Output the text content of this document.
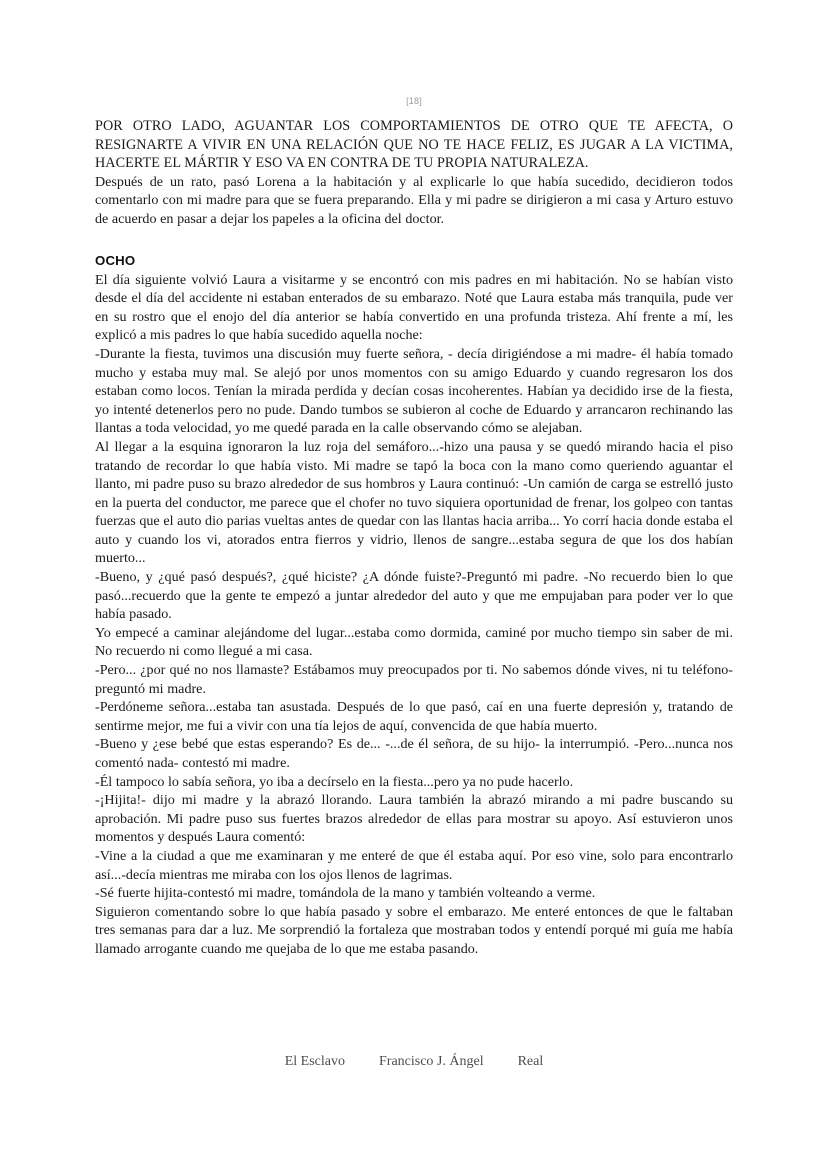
[18]

POR OTRO LADO, AGUANTAR LOS COMPORTAMIENTOS DE OTRO QUE TE AFECTA, O RESIGNARTE A VIVIR EN UNA RELACIÓN QUE NO TE HACE FELIZ, ES JUGAR A LA VICTIMA, HACERTE EL MÁRTIR Y ESO VA EN CONTRA DE TU PROPIA NATURALEZA.

Después de un rato, pasó Lorena a la habitación y al explicarle lo que había sucedido, decidieron todos comentarlo con mi madre para que se fuera preparando. Ella y mi padre se dirigieron a mi casa y Arturo estuvo de acuerdo en pasar a dejar los papeles a la oficina del doctor.

OCHO

El día siguiente volvió Laura a visitarme y se encontró con mis padres en mi habitación. No se habían visto desde el día del accidente ni estaban enterados de su embarazo. Noté que Laura estaba más tranquila, pude ver en su rostro que el enojo del día anterior se había convertido en una profunda tristeza. Ahí frente a mí, les explicó a mis padres lo que había sucedido aquella noche:

-Durante la fiesta, tuvimos una discusión muy fuerte señora, - decía dirigiéndose a mi madre- él había tomado mucho y estaba muy mal. Se alejó por unos momentos con su amigo Eduardo y cuando regresaron los dos estaban como locos. Tenían la mirada perdida y decían cosas incoherentes. Habían ya decidido irse de la fiesta, yo intenté detenerlos pero no pude. Dando tumbos se subieron al coche de Eduardo y arrancaron rechinando las llantas a toda velocidad, yo me quedé parada en la calle observando cómo se alejaban.

Al llegar a la esquina ignoraron la luz roja del semáforo...-hizo una pausa y se quedó mirando hacia el piso tratando de recordar lo que había visto. Mi madre se tapó la boca con la mano como queriendo aguantar el llanto, mi padre puso su brazo alrededor de sus hombros y Laura continuó: -Un camión de carga se estrelló justo en la puerta del conductor, me parece que el chofer no tuvo siquiera oportunidad de frenar, los golpeo con tantas fuerzas que el auto dio parias vueltas antes de quedar con las llantas hacia arriba... Yo corrí hacia donde estaba el auto y cuando los vi, atorados entra fierros y vidrio, llenos de sangre...estaba segura de que los dos habían muerto...

-Bueno, y ¿qué pasó después?, ¿qué hiciste? ¿A dónde fuiste?-Preguntó mi padre. -No recuerdo bien lo que pasó...recuerdo que la gente te empezó a juntar alrededor del auto y que me empujaban para poder ver lo que había pasado.

Yo empecé a caminar alejándome del lugar...estaba como dormida, caminé por mucho tiempo sin saber de mi. No recuerdo ni como llegué a mi casa.

-Pero... ¿por qué no nos llamaste? Estábamos muy preocupados por ti. No sabemos dónde vives, ni tu teléfono- preguntó mi madre.

-Perdóneme señora...estaba tan asustada. Después de lo que pasó, caí en una fuerte depresión y, tratando de sentirme mejor, me fui a vivir con una tía lejos de aquí, convencida de que había muerto.

-Bueno y ¿ese bebé que estas esperando? Es de... -...de él señora, de su hijo- la interrumpió. -Pero...nunca nos comentó nada- contestó mi madre.

-Él tampoco lo sabía señora, yo iba a decírselo en la fiesta...pero ya no pude hacerlo.

-¡Hijita!- dijo mi madre y la abrazó llorando. Laura también la abrazó mirando a mi padre buscando su aprobación. Mi padre puso sus fuertes brazos alrededor de ellas para mostrar su apoyo. Así estuvieron unos momentos y después Laura comentó:

-Vine a la ciudad a que me examinaran y me enteré de que él estaba aquí. Por eso vine, solo para encontrarlo así...-decía mientras me miraba con los ojos llenos de lagrimas.

-Sé fuerte hijita-contestó mi madre, tomándola de la mano y también volteando a verme.

Siguieron comentando sobre lo que había pasado y sobre el embarazo. Me enteré entonces de que le faltaban tres semanas para dar a luz. Me sorprendió la fortaleza que mostraban todos y entendí porqué mi guía me había llamado arrogante cuando me quejaba de lo que me estaba pasando.

El Esclavo Francisco J. Ángel Real
